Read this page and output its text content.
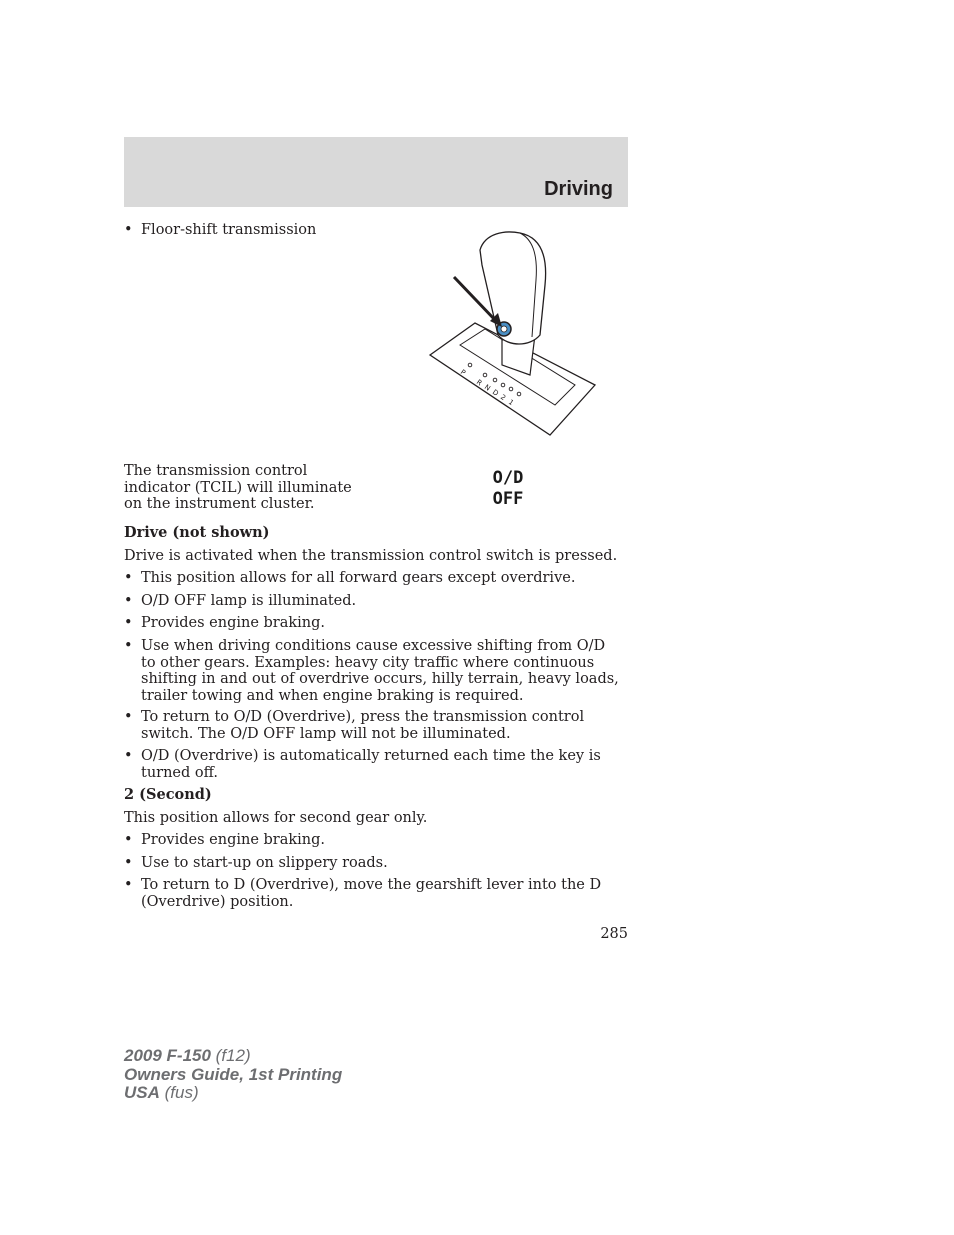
Driving
• Floor-shift transmission
P
R
N
D
2
1
The transmission control indicator (TCIL) will illuminate on the instrument cluster.
O/D
OFF
Drive (not shown)
Drive is activated when the transmission control switch is pressed.
• This position allows for all forward gears except overdrive.
• O/D OFF lamp is illuminated.
• Provides engine braking.
• Use when driving conditions cause excessive shifting from O/D to other gears. Examples: heavy city traffic where continuous shifting in and out of overdrive occurs, hilly terrain, heavy loads, trailer towing and when engine braking is required.
• To return to O/D (Overdrive), press the transmission control switch. The O/D OFF lamp will not be illuminated.
• O/D (Overdrive) is automatically returned each time the key is turned off.
2 (Second)
This position allows for second gear only.
• Provides engine braking.
• Use to start-up on slippery roads.
• To return to D (Overdrive), move the gearshift lever into the D (Overdrive) position.
285
2009 F-150 (f12)
Owners Guide, 1st Printing
USA (fus)
